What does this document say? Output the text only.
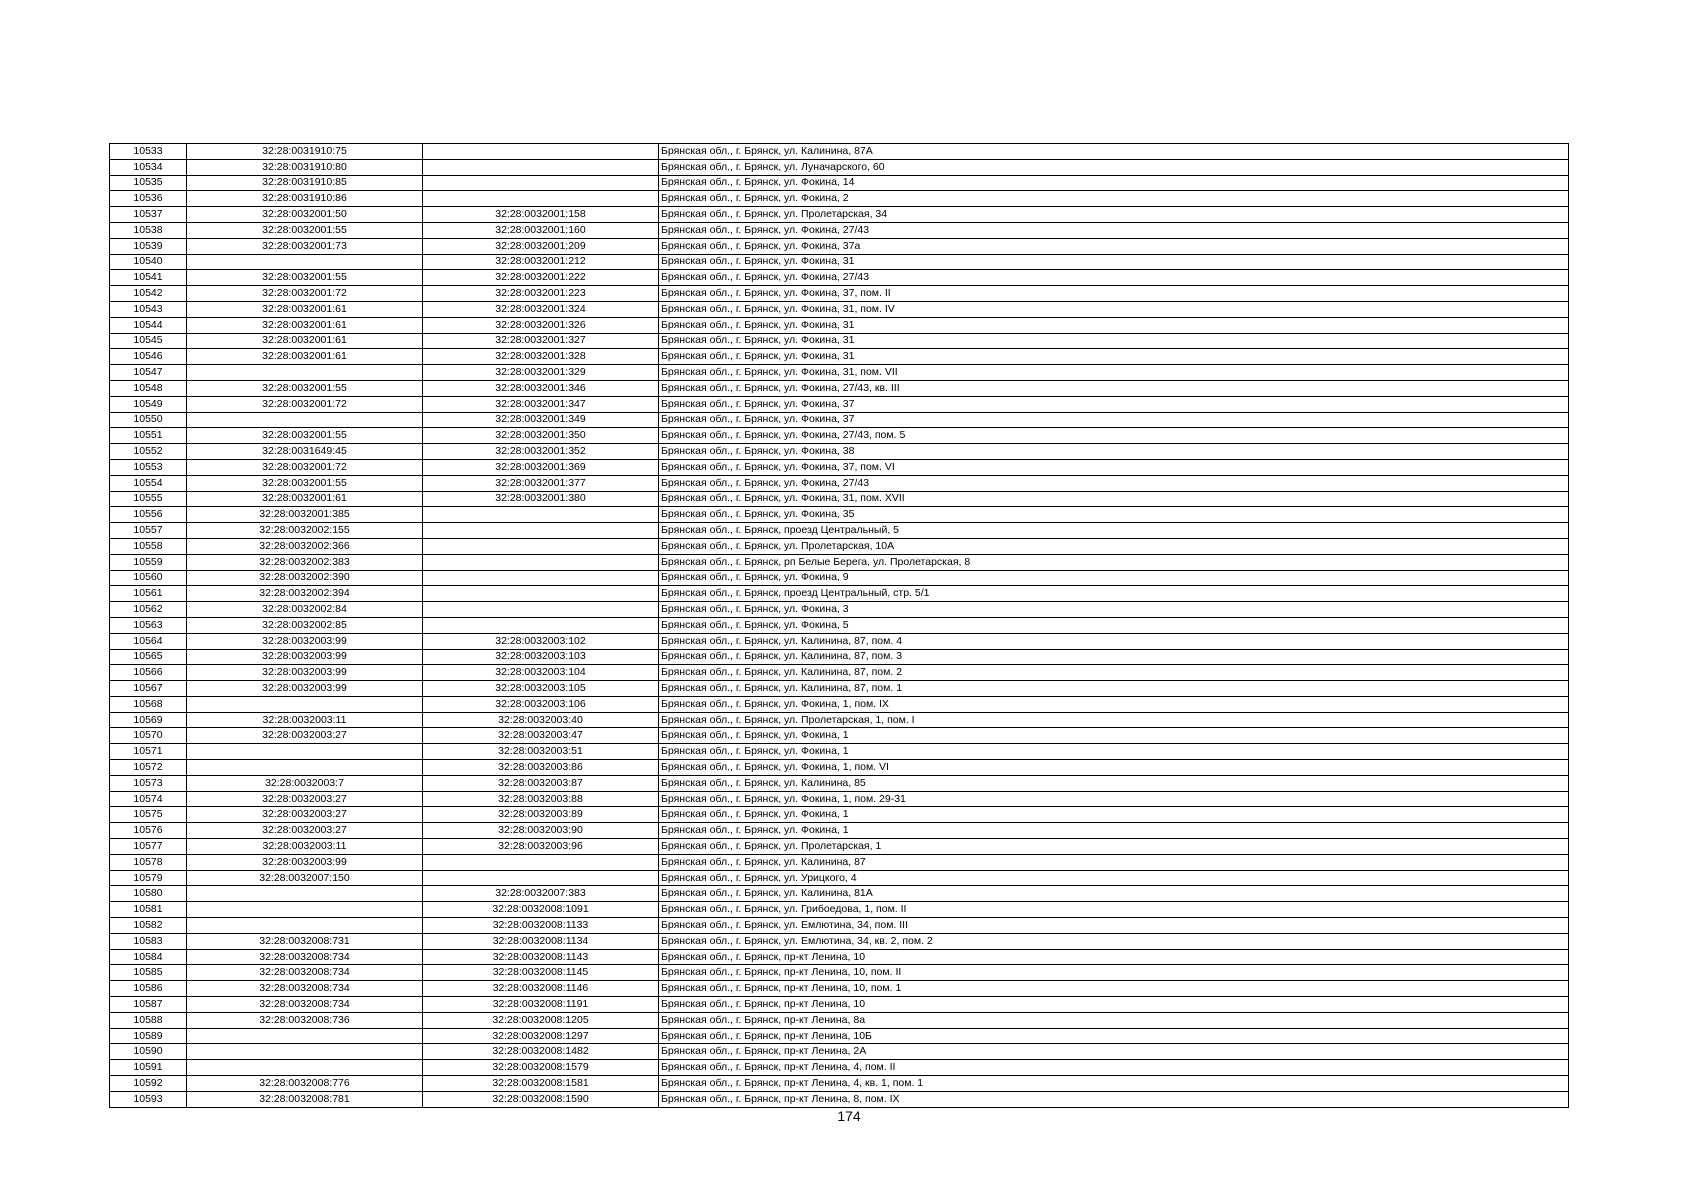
10533	32:28:0031910:75		Брянская обл., г. Брянск, ул. Калинина, 87А
10534	32:28:0031910:80		Брянская обл., г. Брянск, ул. Луначарского, 60
10535	32:28:0031910:85		Брянская обл., г. Брянск, ул. Фокина, 14
10536	32:28:0031910:86		Брянская обл., г. Брянск, ул. Фокина, 2
10537	32:28:0032001:50	32:28:0032001:158	Брянская обл., г. Брянск, ул. Пролетарская, 34
10538	32:28:0032001:55	32:28:0032001:160	Брянская обл., г. Брянск, ул. Фокина, 27/43
10539	32:28:0032001:73	32:28:0032001:209	Брянская обл., г. Брянск, ул. Фокина, 37а
10540		32:28:0032001:212	Брянская обл., г. Брянск, ул. Фокина, 31
10541	32:28:0032001:55	32:28:0032001:222	Брянская обл., г. Брянск, ул. Фокина, 27/43
10542	32:28:0032001:72	32:28:0032001:223	Брянская обл., г. Брянск, ул. Фокина, 37, пом. II
10543	32:28:0032001:61	32:28:0032001:324	Брянская обл., г. Брянск, ул. Фокина, 31, пом. IV
10544	32:28:0032001:61	32:28:0032001:326	Брянская обл., г. Брянск, ул. Фокина, 31
10545	32:28:0032001:61	32:28:0032001:327	Брянская обл., г. Брянск, ул. Фокина, 31
10546	32:28:0032001:61	32:28:0032001:328	Брянская обл., г. Брянск, ул. Фокина, 31
10547		32:28:0032001:329	Брянская обл., г. Брянск, ул. Фокина, 31, пом. VII
10548	32:28:0032001:55	32:28:0032001:346	Брянская обл., г. Брянск, ул. Фокина, 27/43, кв. III
10549	32:28:0032001:72	32:28:0032001:347	Брянская обл., г. Брянск, ул. Фокина, 37
10550		32:28:0032001:349	Брянская обл., г. Брянск, ул. Фокина, 37
10551	32:28:0032001:55	32:28:0032001:350	Брянская обл., г. Брянск, ул. Фокина, 27/43, пом. 5
10552	32:28:0031649:45	32:28:0032001:352	Брянская обл., г. Брянск, ул. Фокина, 38
10553	32:28:0032001:72	32:28:0032001:369	Брянская обл., г. Брянск, ул. Фокина, 37, пом. VI
10554	32:28:0032001:55	32:28:0032001:377	Брянская обл., г. Брянск, ул. Фокина, 27/43
10555	32:28:0032001:61	32:28:0032001:380	Брянская обл., г. Брянск, ул. Фокина, 31, пом. XVII
10556	32:28:0032001:385		Брянская обл., г. Брянск, ул. Фокина, 35
10557	32:28:0032002:155		Брянская обл., г. Брянск, проезд Центральный, 5
10558	32:28:0032002:366		Брянская обл., г. Брянск, ул. Пролетарская, 10А
10559	32:28:0032002:383		Брянская обл., г. Брянск, рп Белые Берега, ул. Пролетарская, 8
10560	32:28:0032002:390		Брянская обл., г. Брянск, ул. Фокина, 9
10561	32:28:0032002:394		Брянская обл., г. Брянск, проезд Центральный, стр. 5/1
10562	32:28:0032002:84		Брянская обл., г. Брянск, ул. Фокина, 3
10563	32:28:0032002:85		Брянская обл., г. Брянск, ул. Фокина, 5
10564	32:28:0032003:99	32:28:0032003:102	Брянская обл., г. Брянск, ул. Калинина, 87, пом. 4
10565	32:28:0032003:99	32:28:0032003:103	Брянская обл., г. Брянск, ул. Калинина, 87, пом. 3
10566	32:28:0032003:99	32:28:0032003:104	Брянская обл., г. Брянск, ул. Калинина, 87, пом. 2
10567	32:28:0032003:99	32:28:0032003:105	Брянская обл., г. Брянск, ул. Калинина, 87, пом. 1
10568		32:28:0032003:106	Брянская обл., г. Брянск, ул. Фокина, 1, пом. IX
10569	32:28:0032003:11	32:28:0032003:40	Брянская обл., г. Брянск, ул. Пролетарская, 1, пом. I
10570	32:28:0032003:27	32:28:0032003:47	Брянская обл., г. Брянск, ул. Фокина, 1
10571		32:28:0032003:51	Брянская обл., г. Брянск, ул. Фокина, 1
10572		32:28:0032003:86	Брянская обл., г. Брянск, ул. Фокина, 1, пом. VI
10573	32:28:0032003:7	32:28:0032003:87	Брянская обл., г. Брянск, ул. Калинина, 85
10574	32:28:0032003:27	32:28:0032003:88	Брянская обл., г. Брянск, ул. Фокина, 1, пом. 29-31
10575	32:28:0032003:27	32:28:0032003:89	Брянская обл., г. Брянск, ул. Фокина, 1
10576	32:28:0032003:27	32:28:0032003:90	Брянская обл., г. Брянск, ул. Фокина, 1
10577	32:28:0032003:11	32:28:0032003:96	Брянская обл., г. Брянск, ул. Пролетарская, 1
10578	32:28:0032003:99		Брянская обл., г. Брянск, ул. Калинина, 87
10579	32:28:0032007:150		Брянская обл., г. Брянск, ул. Урицкого, 4
10580		32:28:0032007:383	Брянская обл., г. Брянск, ул. Калинина, 81А
10581		32:28:0032008:1091	Брянская обл., г. Брянск, ул. Грибоедова, 1, пом. II
10582		32:28:0032008:1133	Брянская обл., г. Брянск, ул. Емлютина, 34, пом. III
10583	32:28:0032008:731	32:28:0032008:1134	Брянская обл., г. Брянск, ул. Емлютина, 34, кв. 2, пом. 2
10584	32:28:0032008:734	32:28:0032008:1143	Брянская обл., г. Брянск, пр-кт Ленина, 10
10585	32:28:0032008:734	32:28:0032008:1145	Брянская обл., г. Брянск, пр-кт Ленина, 10, пом. II
10586	32:28:0032008:734	32:28:0032008:1146	Брянская обл., г. Брянск, пр-кт Ленина, 10, пом. 1
10587	32:28:0032008:734	32:28:0032008:1191	Брянская обл., г. Брянск, пр-кт Ленина, 10
10588	32:28:0032008:736	32:28:0032008:1205	Брянская обл., г. Брянск, пр-кт Ленина, 8а
10589		32:28:0032008:1297	Брянская обл., г. Брянск, пр-кт Ленина, 10Б
10590		32:28:0032008:1482	Брянская обл., г. Брянск, пр-кт Ленина, 2А
10591		32:28:0032008:1579	Брянская обл., г. Брянск, пр-кт Ленина, 4, пом. II
10592	32:28:0032008:776	32:28:0032008:1581	Брянская обл., г. Брянск, пр-кт Ленина, 4, кв. 1, пом. 1
10593	32:28:0032008:781	32:28:0032008:1590	Брянская обл., г. Брянск, пр-кт Ленина, 8, пом. IX
174
